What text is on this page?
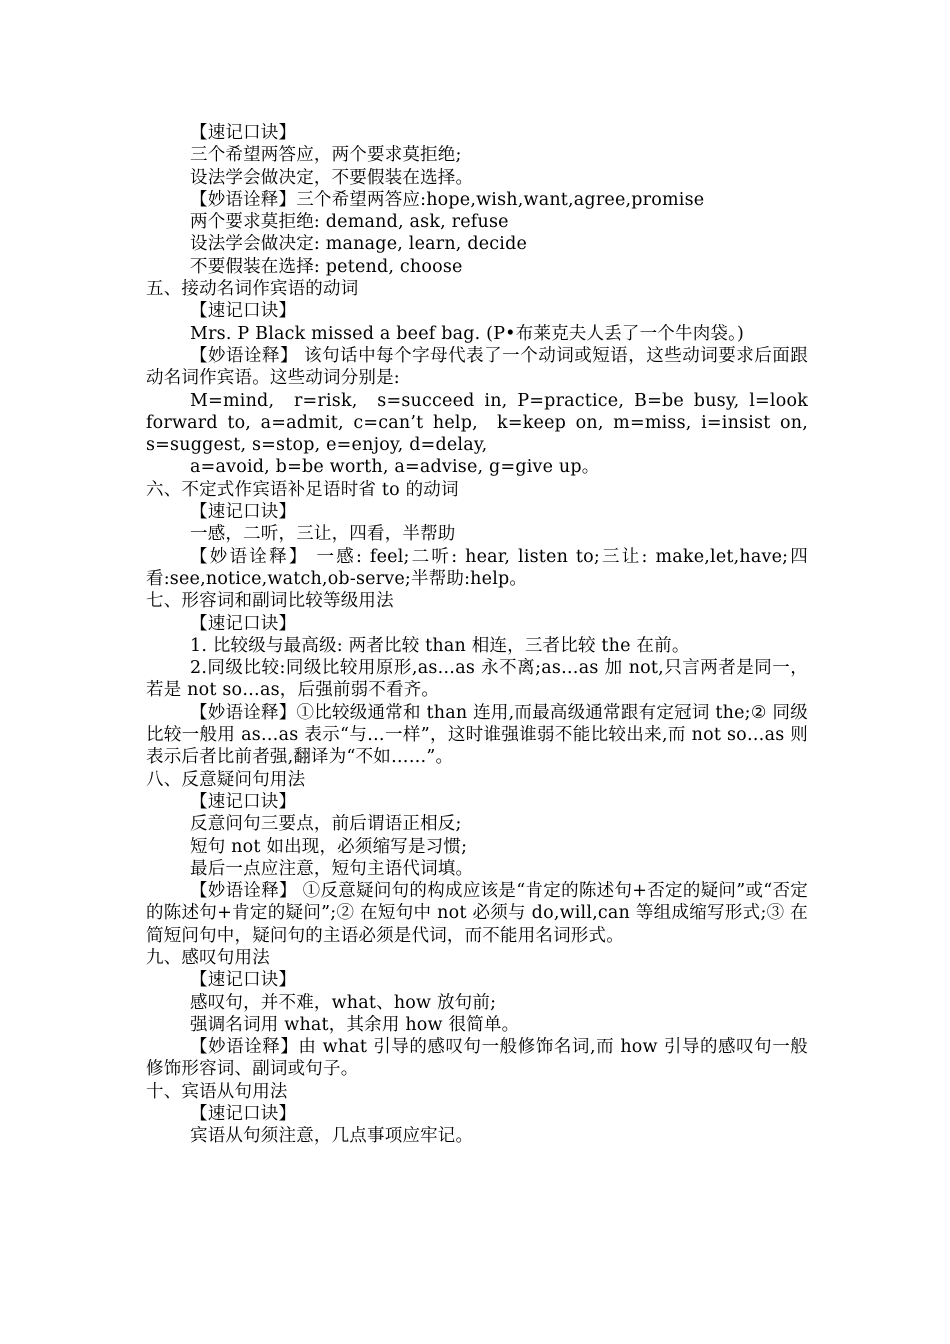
【速记口诀】
三个希望两答应，两个要求莫拒绝;
设法学会做决定，不要假装在选择。
【妙语诠释】三个希望两答应:hope,wish,want,agree,promise
两个要求莫拒绝: demand, ask, refuse
设法学会做决定: manage, learn, decide
不要假装在选择: petend, choose
五、接动名词作宾语的动词
【速记口诀】
Mrs. P Black missed a beef bag. (P•布莱克夫人丢了一个牛肉袋。)
【妙语诠释】 该句话中每个字母代表了一个动词或短语，这些动词要求后面跟动名词作宾语。这些动词分别是:
M=mind,  r=risk,  s=succeed in, P=practice, B=be busy, l=look forward to, a=admit, c=can’t help,  k=keep on, m=miss, i=insist on, s=suggest, s=stop, e=enjoy, d=delay,
a=avoid, b=be worth, a=advise, g=give up。
六、不定式作宾语补足语时省 to 的动词
【速记口诀】
一感，二听，三让，四看，半帮助
【妙语诠释】 一感: feel;二听: hear, listen to;三让: make,let,have;四看:see,notice,watch,ob-serve;半帮助:help。
七、形容词和副词比较等级用法
【速记口诀】
1. 比较级与最高级: 两者比较 than 相连，三者比较 the 在前。
2.同级比较:同级比较用原形,as…as 永不离;as…as 加 not,只言两者是同一，若是 not so…as，后强前弱不看齐。
【妙语诠释】①比较级通常和 than 连用,而最高级通常跟有定冠词 the;② 同级比较一般用 as…as 表示“与…一样”，这时谁强谁弱不能比较出来,而 not so…as 则表示后者比前者强,翻译为“不如……”。
八、反意疑问句用法
【速记口诀】
反意问句三要点，前后谓语正相反;
短句 not 如出现，必须缩写是习惯;
最后一点应注意，短句主语代词填。
【妙语诠释】 ①反意疑问句的构成应该是“肯定的陈述句+否定的疑问”或“否定的陈述句+肯定的疑问”;② 在短句中 not 必须与 do,will,can 等组成缩写形式;③ 在简短问句中，疑问句的主语必须是代词，而不能用名词形式。
九、感叹句用法
【速记口诀】
感叹句，并不难，what、how 放句前;
强调名词用 what，其余用 how 很简单。
【妙语诠释】由 what 引导的感叹句一般修饰名词,而 how 引导的感叹句一般修饰形容词、副词或句子。
十、宾语从句用法
【速记口诀】
宾语从句须注意，几点事项应牢记。
